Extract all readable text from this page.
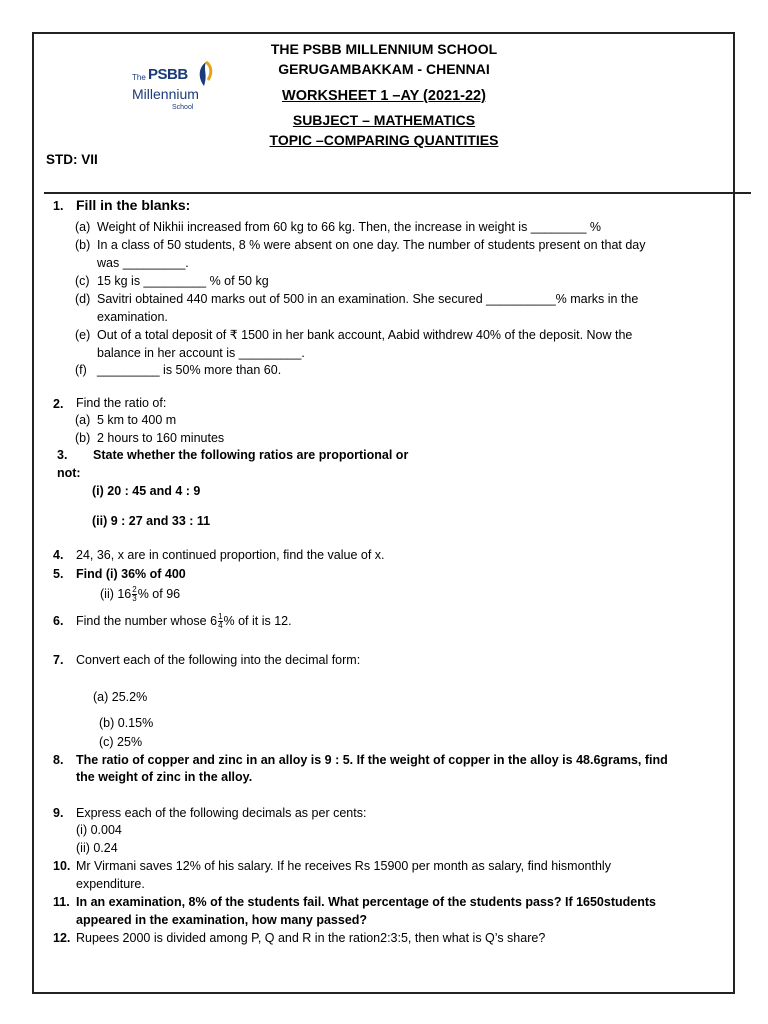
The PSBB
Millennium
School
THE PSBB MILLENNIUM SCHOOL
GERUGAMBAKKAM - CHENNAI
WORKSHEET 1 –AY (2021-22)
SUBJECT – MATHEMATICS
TOPIC –COMPARING QUANTITIES
STD: VII
1. Fill in the blanks:
(a) Weight of Nikhii increased from 60 kg to 66 kg. Then, the increase in weight is ________ %
(b) In a class of 50 students, 8 % were absent on one day. The number of students present on that day
was _________.
(c) 15 kg is _________ % of 50 kg
(d) Savitri obtained 440 marks out of 500 in an examination. She secured __________% marks in the
examination.
(e) Out of a total deposit of ₹ 1500 in her bank account, Aabid withdrew 40% of the deposit. Now the
balance in her account is _________.
(f) _________ is 50% more than 60.
2. Find the ratio of:
(a) 5 km to 400 m
(b) 2 hours to 160 minutes
3. State whether the following ratios are proportional or
not:
(i) 20 : 45 and 4 : 9
(ii) 9 : 27 and 33 : 11
4. 24, 36, x are in continued proportion, find the value of x.
5. Find (i) 36% of 400
(ii) $16 \frac{2}{3}$ % of 96
6. Find the number whose $6 \frac{1}{4}$ % of it is 12.
7. Convert each of the following into the decimal form:
(a) 25.2%
(b) 0.15%
(c) 25%
8. The ratio of copper and zinc in an alloy is 9 : 5. If the weight of copper in the alloy is 48.6grams, find
the weight of zinc in the alloy.
9. Express each of the following decimals as per cents:
(i) 0.004
(ii) 0.24
10. Mr Virmani saves 12% of his salary. If he receives Rs 15900 per month as salary, find hismonthly
expenditure.
11. In an examination, 8% of the students fail. What percentage of the students pass? If 1650students
appeared in the examination, how many passed?
12. Rupees 2000 is divided among P, Q and R in the ration2:3:5, then what is Q’s share?
